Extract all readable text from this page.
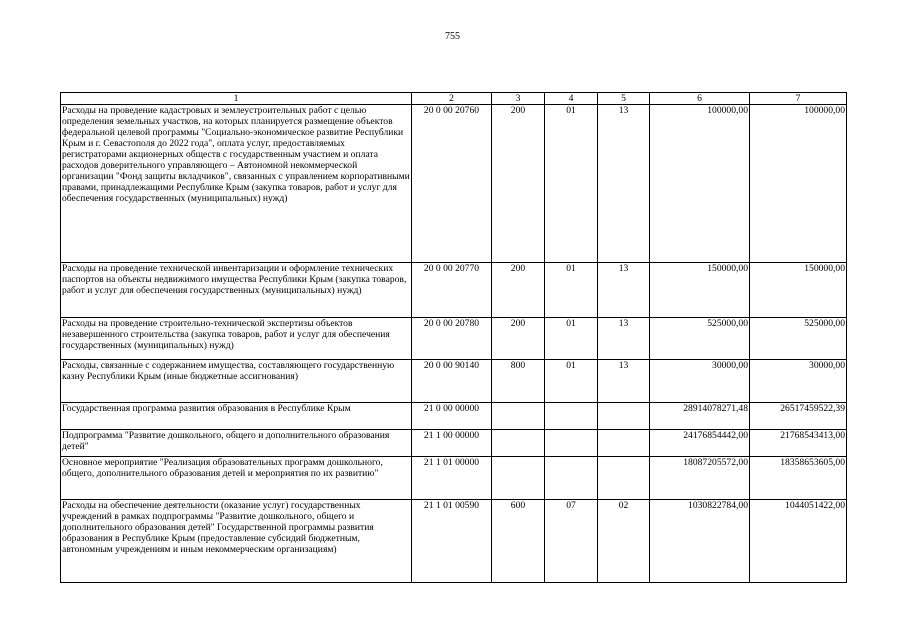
755
1	2	3	4	5	6	7
Расходы на проведение кадастровых и землеустроительных работ с целью определения земельных участков, на которых планируется размещение объектов федеральной целевой программы "Социально-экономическое развитие Республики Крым и г. Севастополя до 2022 года", оплата услуг, предоставляемых регистраторами акционерных обществ с государственным участием и оплата расходов доверительного управляющего – Автономной некоммерческой организации "Фонд защиты вкладчиков", связанных с управлением корпоративными правами, принадлежащими Республике Крым (закупка товаров, работ и услуг для обеспечения государственных (муниципальных) нужд)	20 0 00 20760	200	01	13	100000,00	100000,00
Расходы на проведение технической инвентаризации и оформление технических паспортов на объекты недвижимого имущества Республики Крым (закупка товаров, работ и услуг для обеспечения государственных (муниципальных) нужд)	20 0 00 20770	200	01	13	150000,00	150000,00
Расходы на проведение строительно-технической экспертизы объектов незавершенного строительства (закупка товаров, работ и услуг для обеспечения государственных (муниципальных) нужд)	20 0 00 20780	200	01	13	525000,00	525000,00
Расходы, связанные с содержанием имущества, составляющего государственную казну Республики Крым (иные бюджетные ассигнования)	20 0 00 90140	800	01	13	30000,00	30000,00
Государственная программа развития образования в Республике Крым	21 0 00 00000				28914078271,48	26517459522,39
Подпрограмма "Развитие дошкольного, общего и дополнительного образования детей"	21 1 00 00000				24176854442,00	21768543413,00
Основное мероприятие "Реализация образовательных программ дошкольного, общего, дополнительного образования детей и мероприятия по их развитию"	21 1 01 00000				18087205572,00	18358653605,00
Расходы на обеспечение деятельности (оказание услуг) государственных учреждений в рамках подпрограммы "Развитие дошкольного, общего и дополнительного образования детей" Государственной программы развития образования в Республике Крым (предоставление субсидий бюджетным, автономным учреждениям и иным некоммерческим организациям)	21 1 01 00590	600	07	02	1030822784,00	1044051422,00
